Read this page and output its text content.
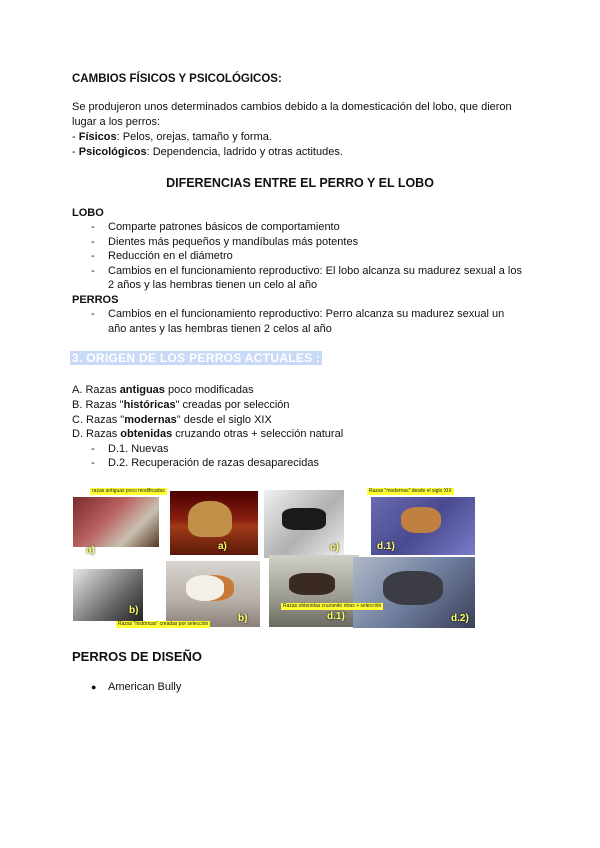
CAMBIOS FÍSICOS Y PSICOLÓGICOS:
Se produjeron unos determinados cambios debido a la domesticación del lobo, que dieron
lugar a los perros:
- Físicos: Pelos, orejas, tamaño y forma.
- Psicológicos: Dependencia, ladrido y otras actitudes.
DIFERENCIAS ENTRE EL PERRO Y EL LOBO
LOBO
- Comparte patrones básicos de comportamiento
- Dientes más pequeños y mandíbulas más potentes
- Reducción en el diámetro
- Cambios en el funcionamiento reproductivo: El lobo alcanza su madurez sexual a los
2 años y las hembras tienen un celo al año
PERROS
- Cambios en el funcionamiento reproductivo: Perro alcanza su madurez sexual un
año antes y las hembras tienen 2 celos al año
3. ORIGEN DE LOS PERROS ACTUALES :
A. Razas antiguas poco modificadas
B. Razas "históricas" creadas por selección
C. Razas "modernas" desde el siglo XIX
D. Razas obtenidas cruzando otras + selección natural
- D.1. Nuevas
- D.2. Recuperación de razas desaparecidas
a)	a)
b)
b)
razas antiguas poco modificadas
Razas "históricas" creadas por selección
c)	d.1)
d.1)	d.2)
Razas "modernas" desde el siglo XIX
Razas obtenidas cruzando otras + selección
PERROS DE DISEÑO
● American Bully
